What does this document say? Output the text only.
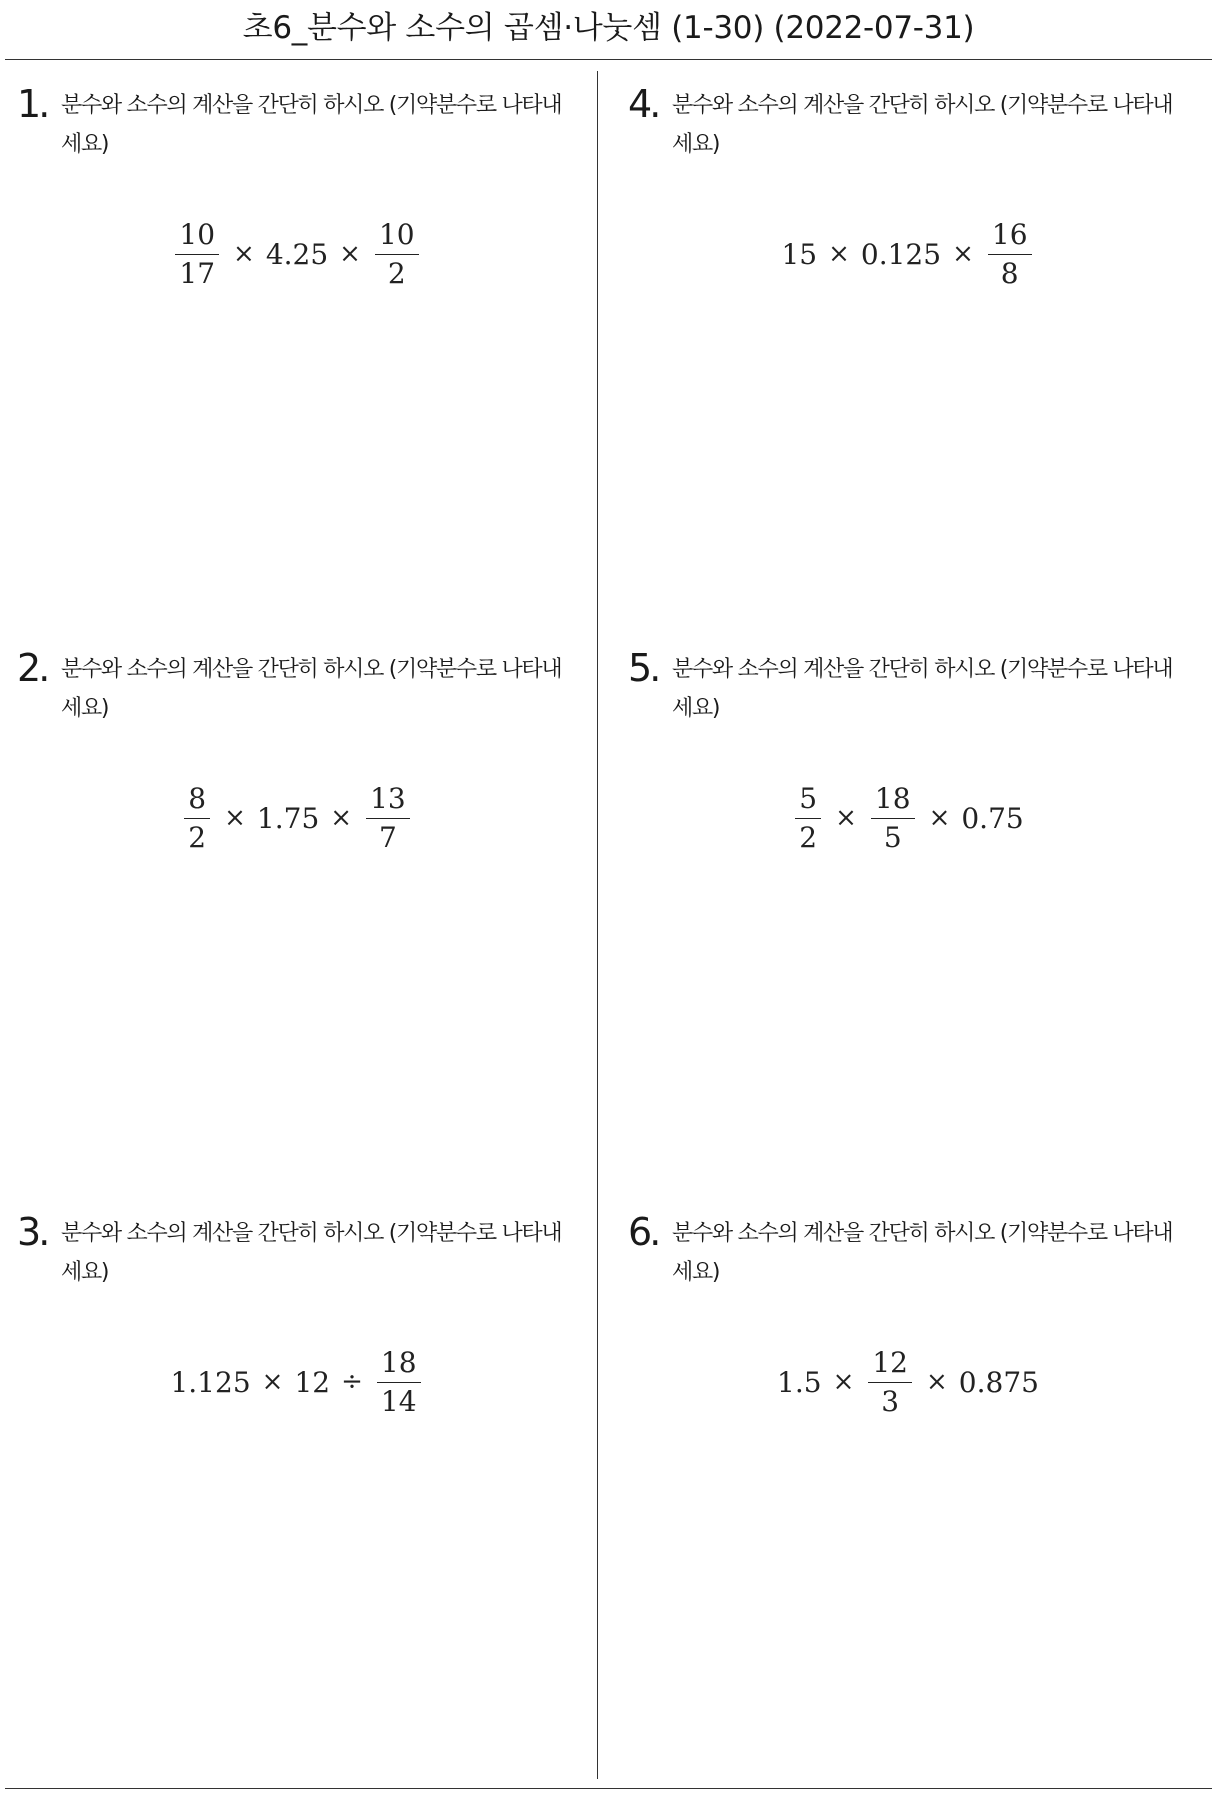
초6_분수와 소수의 곱셈·나눗셈 (1-30) (2022-07-31)
1. 분수와 소수의 계산을 간단히 하시오 (기약분수로 나타내세요)
$\frac{10}{17} \times 4.25 \times \frac{10}{2}$
2. 분수와 소수의 계산을 간단히 하시오 (기약분수로 나타내세요)
$\frac{8}{2} \times 1.75 \times \frac{13}{7}$
3. 분수와 소수의 계산을 간단히 하시오 (기약분수로 나타내세요)
$1.125 \times 12 \div \frac{18}{14}$
4. 분수와 소수의 계산을 간단히 하시오 (기약분수로 나타내세요)
$15 \times 0.125 \times \frac{16}{8}$
5. 분수와 소수의 계산을 간단히 하시오 (기약분수로 나타내세요)
$\frac{5}{2} \times \frac{18}{5} \times 0.75$
6. 분수와 소수의 계산을 간단히 하시오 (기약분수로 나타내세요)
$1.5 \times \frac{12}{3} \times 0.875$
